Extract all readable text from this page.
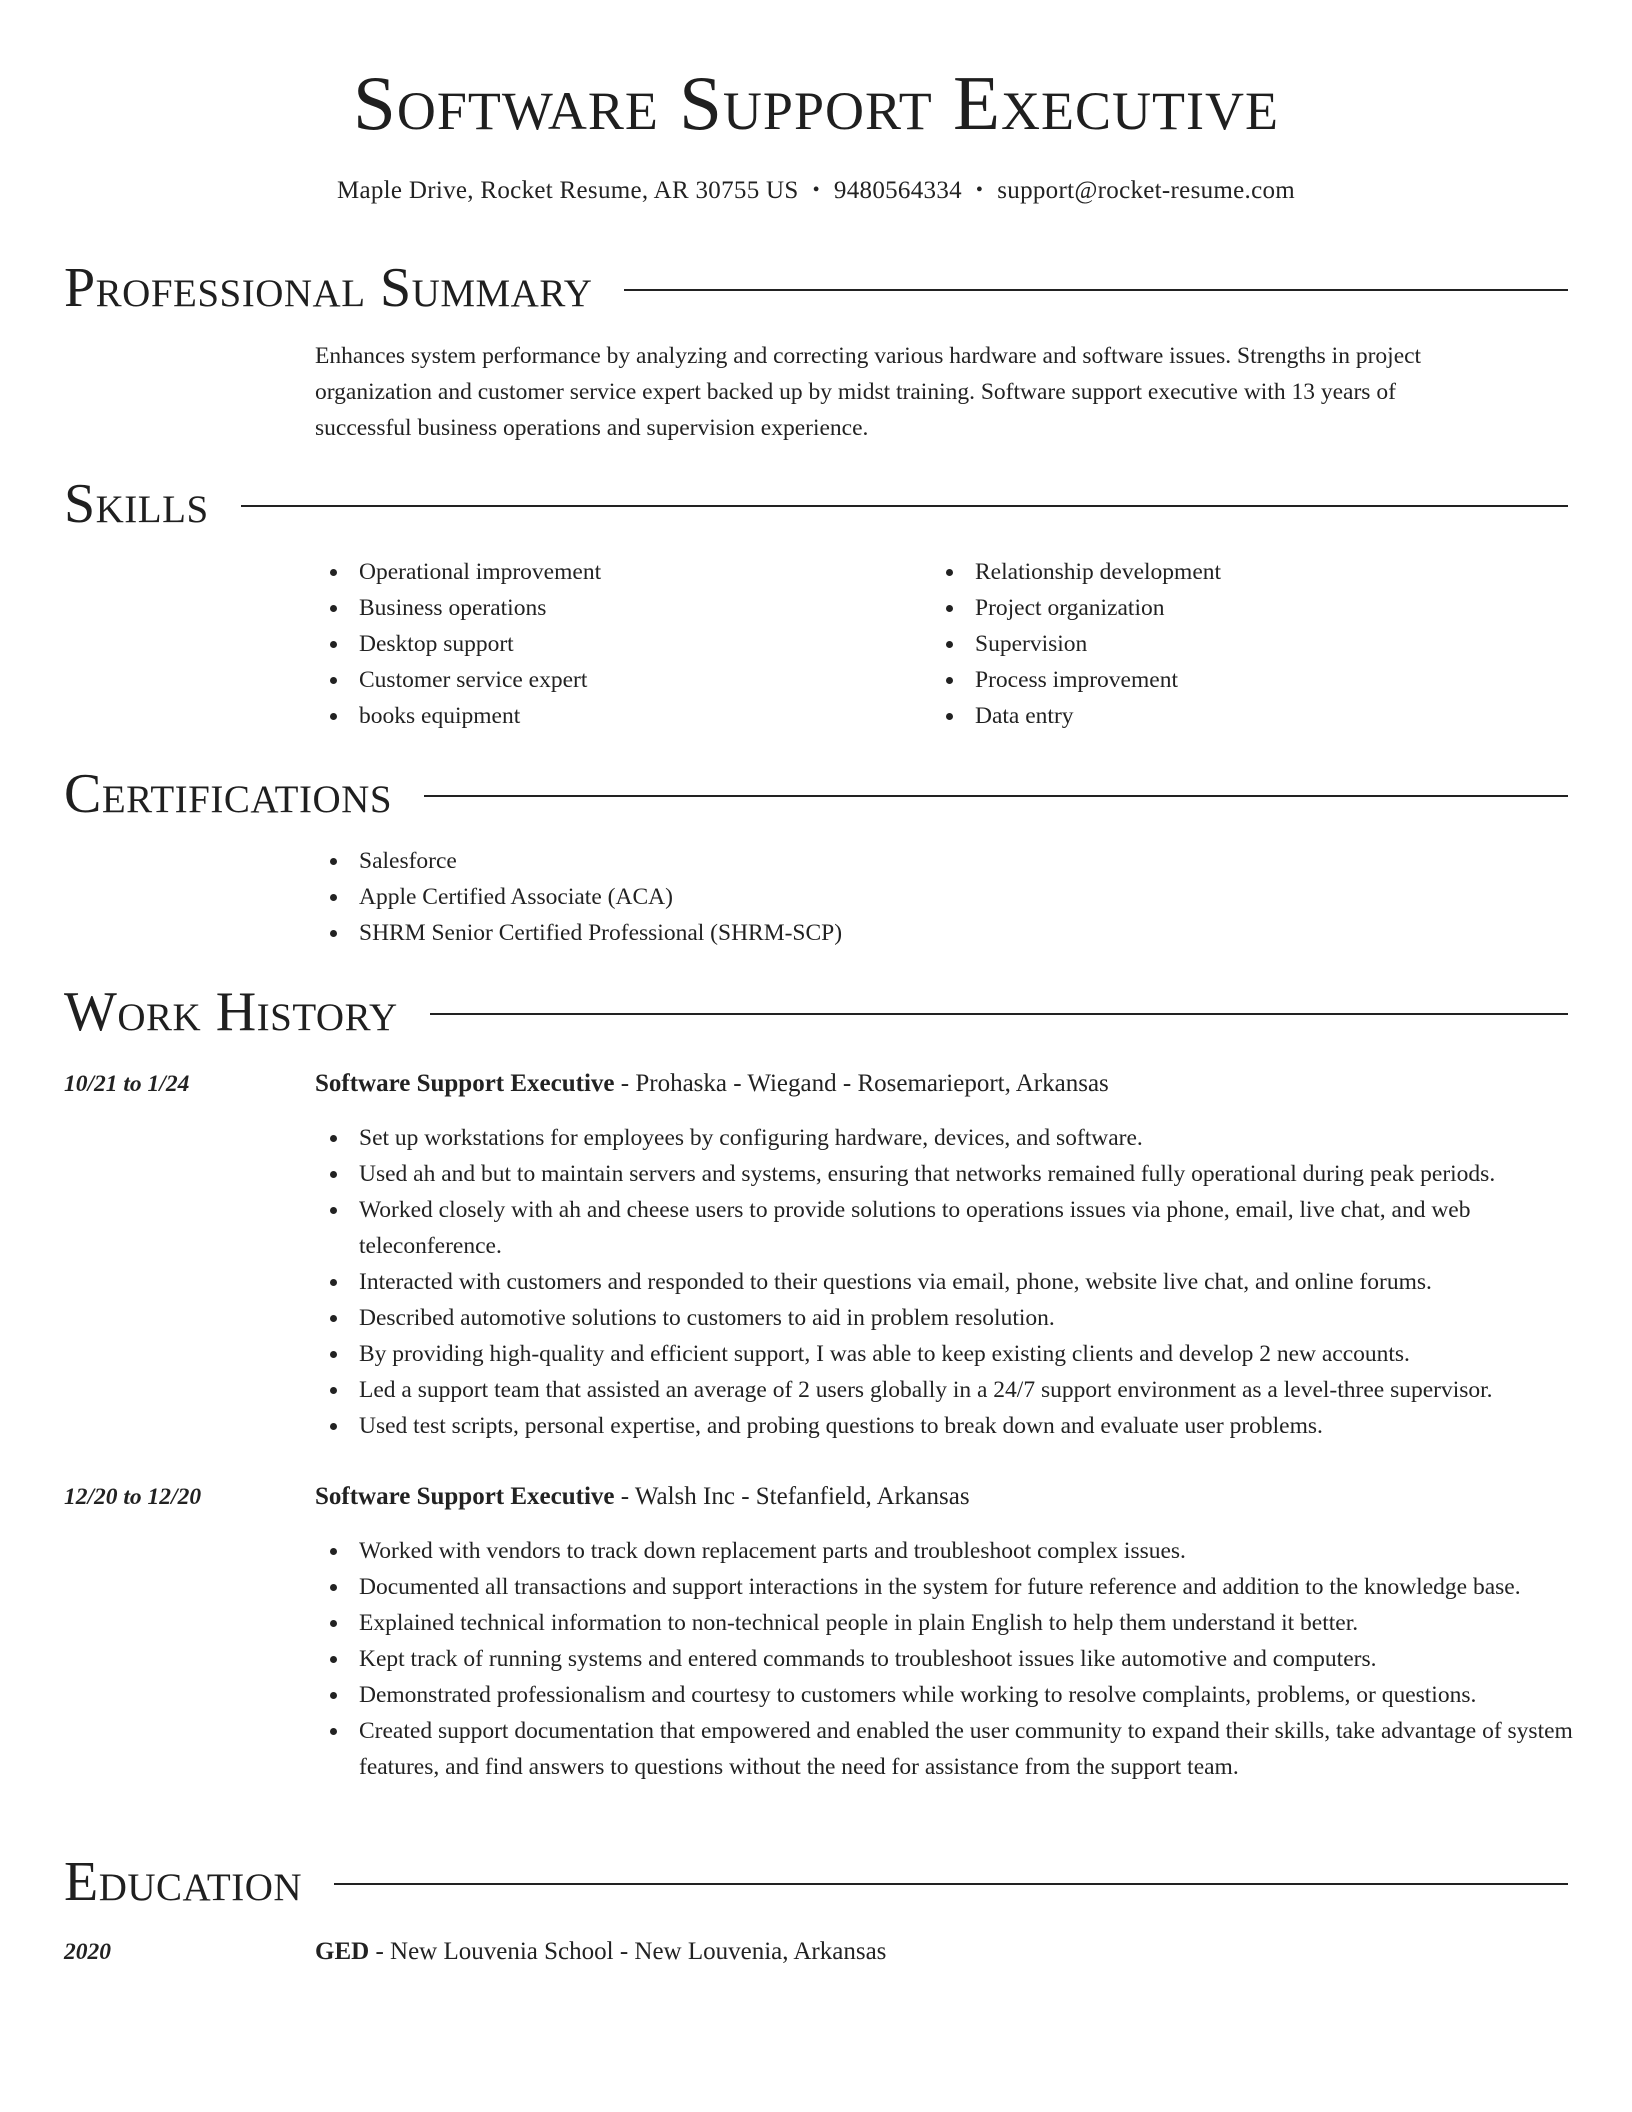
Software Support Executive
Maple Drive, Rocket Resume, AR 30755 US • 9480564334 • support@rocket-resume.com
Professional Summary
Enhances system performance by analyzing and correcting various hardware and software issues. Strengths in project
organization and customer service expert backed up by midst training. Software support executive with 13 years of
successful business operations and supervision experience.
Skills
Operational improvement
Business operations
Desktop support
Customer service expert
books equipment
Relationship development
Project organization
Supervision
Process improvement
Data entry
Certifications
Salesforce
Apple Certified Associate (ACA)
SHRM Senior Certified Professional (SHRM-SCP)
Work History
10/21 to 1/24	Software Support Executive - Prohaska - Wiegand - Rosemarieport, Arkansas
Set up workstations for employees by configuring hardware, devices, and software.
Used ah and but to maintain servers and systems, ensuring that networks remained fully operational during peak periods.
Worked closely with ah and cheese users to provide solutions to operations issues via phone, email, live chat, and web teleconference.
Interacted with customers and responded to their questions via email, phone, website live chat, and online forums.
Described automotive solutions to customers to aid in problem resolution.
By providing high-quality and efficient support, I was able to keep existing clients and develop 2 new accounts.
Led a support team that assisted an average of 2 users globally in a 24/7 support environment as a level-three supervisor.
Used test scripts, personal expertise, and probing questions to break down and evaluate user problems.
12/20 to 12/20	Software Support Executive - Walsh Inc - Stefanfield, Arkansas
Worked with vendors to track down replacement parts and troubleshoot complex issues.
Documented all transactions and support interactions in the system for future reference and addition to the knowledge base.
Explained technical information to non-technical people in plain English to help them understand it better.
Kept track of running systems and entered commands to troubleshoot issues like automotive and computers.
Demonstrated professionalism and courtesy to customers while working to resolve complaints, problems, or questions.
Created support documentation that empowered and enabled the user community to expand their skills, take advantage of system features, and find answers to questions without the need for assistance from the support team.
Education
2020	GED - New Louvenia School - New Louvenia, Arkansas
